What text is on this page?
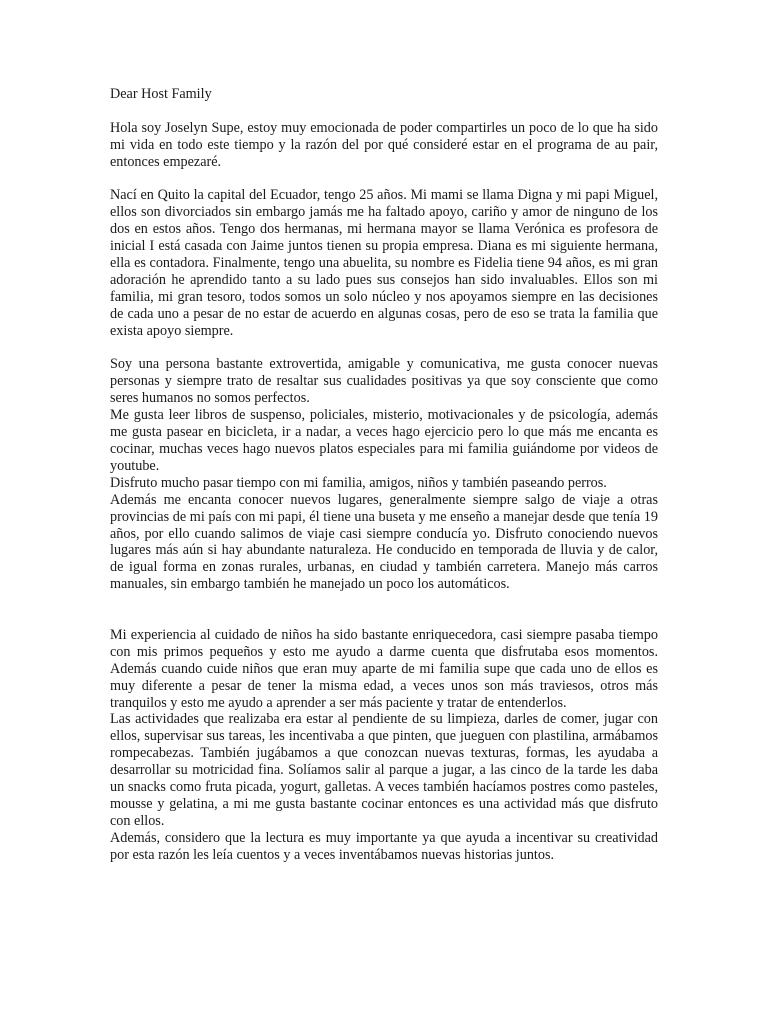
Dear Host Family

Hola soy Joselyn Supe, estoy muy emocionada de poder compartirles un poco de lo que ha sido mi vida en todo este tiempo y la razón del por qué consideré estar en el programa de au pair, entonces empezaré.

Nací en Quito la capital del Ecuador, tengo 25 años. Mi mami se llama Digna y mi papi Miguel, ellos son divorciados sin embargo jamás me ha faltado apoyo, cariño y amor de ninguno de los dos en estos años. Tengo dos hermanas, mi hermana mayor se llama Verónica es profesora de inicial I está casada con Jaime juntos tienen su propia empresa. Diana es mi siguiente hermana, ella es contadora. Finalmente, tengo una abuelita, su nombre es Fidelia tiene 94 años, es mi gran adoración he aprendido tanto a su lado pues sus consejos han sido invaluables. Ellos son mi familia, mi gran tesoro, todos somos un solo núcleo y nos apoyamos siempre en las decisiones de cada uno a pesar de no estar de acuerdo en algunas cosas, pero de eso se trata la familia que exista apoyo siempre.

Soy una persona bastante extrovertida, amigable y comunicativa, me gusta conocer nuevas personas y siempre trato de resaltar sus cualidades positivas ya que soy consciente que como seres humanos no somos perfectos.

Me gusta leer libros de suspenso, policiales, misterio, motivacionales y de psicología, además me gusta pasear en bicicleta, ir a nadar, a veces hago ejercicio pero lo que más me encanta es cocinar, muchas veces hago nuevos platos especiales para mi familia guiándome por videos de youtube.

Disfruto mucho pasar tiempo con mi familia, amigos, niños y también paseando perros.

Además me encanta conocer nuevos lugares, generalmente siempre salgo de viaje a otras provincias de mi país con mi papi, él tiene una buseta y me enseño a manejar desde que tenía 19 años, por ello cuando salimos de viaje casi siempre conducía yo. Disfruto conociendo nuevos lugares más aún si hay abundante naturaleza. He conducido en temporada de lluvia y de calor, de igual forma en zonas rurales, urbanas, en ciudad y también carretera. Manejo más carros manuales, sin embargo también he manejado un poco los automáticos.

Mi experiencia al cuidado de niños ha sido bastante enriquecedora, casi siempre pasaba tiempo con mis primos pequeños y esto me ayudo a darme cuenta que disfrutaba esos momentos. Además cuando cuide niños que eran muy aparte de mi familia supe que cada uno de ellos es muy diferente a pesar de tener la misma edad, a veces unos son más traviesos, otros más tranquilos y esto me ayudo a aprender a ser más paciente y tratar de entenderlos.

Las actividades que realizaba era estar al pendiente de su limpieza, darles de comer, jugar con ellos, supervisar sus tareas, les incentivaba a que pinten, que jueguen con plastilina, armábamos rompecabezas. También jugábamos a que conozcan nuevas texturas, formas, les ayudaba a desarrollar su motricidad fina. Solíamos salir al parque a jugar, a las cinco de la tarde les daba un snacks como fruta picada, yogurt, galletas. A veces también hacíamos postres como pasteles, mousse y gelatina, a mi me gusta bastante cocinar entonces es una actividad más que disfruto con ellos.

Además, considero que la lectura es muy importante ya que ayuda a incentivar su creatividad por esta razón les leía cuentos y a veces inventábamos nuevas historias juntos.
